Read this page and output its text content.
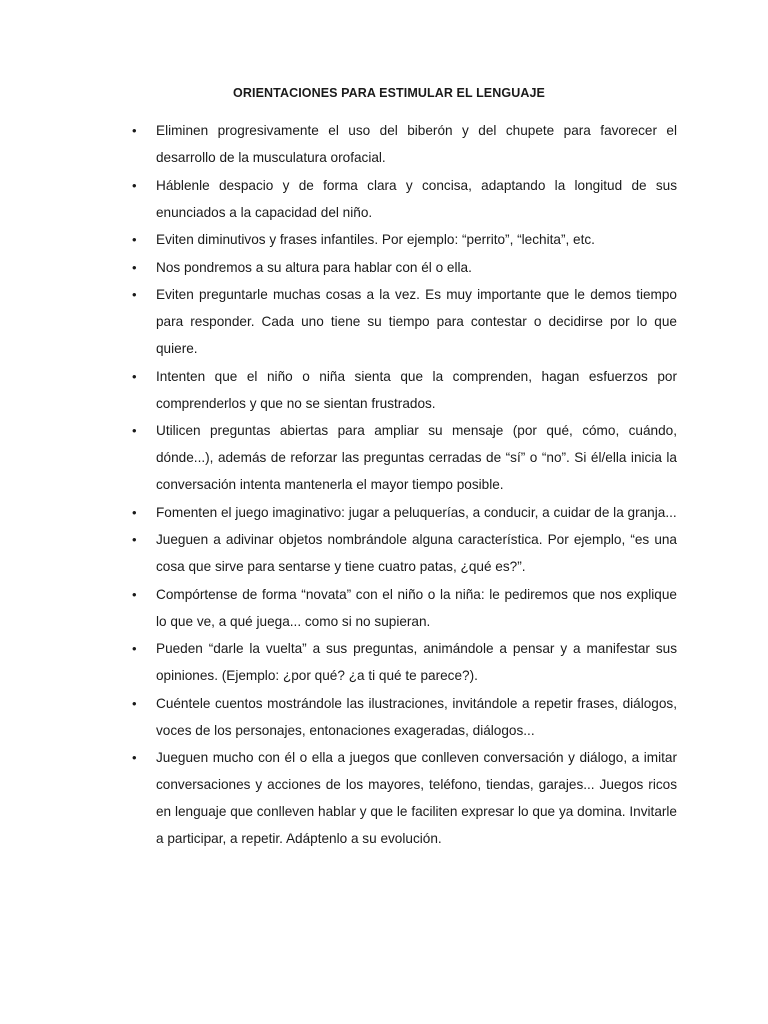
ORIENTACIONES PARA ESTIMULAR EL LENGUAJE
• Eliminen progresivamente el uso del biberón y del chupete para favorecer el desarrollo de la musculatura orofacial.
• Háblenle despacio y de forma clara y concisa, adaptando la longitud de sus enunciados a la capacidad del niño.
• Eviten diminutivos y frases infantiles. Por ejemplo: “perrito”, “lechita”, etc.
• Nos pondremos a su altura para hablar con él o ella.
• Eviten preguntarle muchas cosas a la vez. Es muy importante que le demos tiempo para responder. Cada uno tiene su tiempo para contestar o decidirse por lo que quiere.
• Intenten que el niño o niña sienta que la comprenden, hagan esfuerzos por comprenderlos y que no se sientan frustrados.
• Utilicen preguntas abiertas para ampliar su mensaje (por qué, cómo, cuándo, dónde...), además de reforzar las preguntas cerradas de “sí” o “no”. Si él/ella inicia la conversación intenta mantenerla el mayor tiempo posible.
• Fomenten el juego imaginativo: jugar a peluquerías, a conducir, a cuidar de la granja...
• Jueguen a adivinar objetos nombrándole alguna característica. Por ejemplo, “es una cosa que sirve para sentarse y tiene cuatro patas, ¿qué es?”.
• Compórtense de forma “novata” con el niño o la niña: le pediremos que nos explique lo que ve, a qué juega... como si no supieran.
• Pueden “darle la vuelta” a sus preguntas, animándole a pensar y a manifestar sus opiniones. (Ejemplo: ¿por qué? ¿a ti qué te parece?).
• Cuéntele cuentos mostrándole las ilustraciones, invitándole a repetir frases, diálogos, voces de los personajes, entonaciones exageradas, diálogos...
• Jueguen mucho con él o ella a juegos que conlleven conversación y diálogo, a imitar conversaciones y acciones de los mayores, teléfono, tiendas, garajes... Juegos ricos en lenguaje que conlleven hablar y que le faciliten expresar lo que ya domina. Invitarle a participar, a repetir. Adáptenlo a su evolución.
